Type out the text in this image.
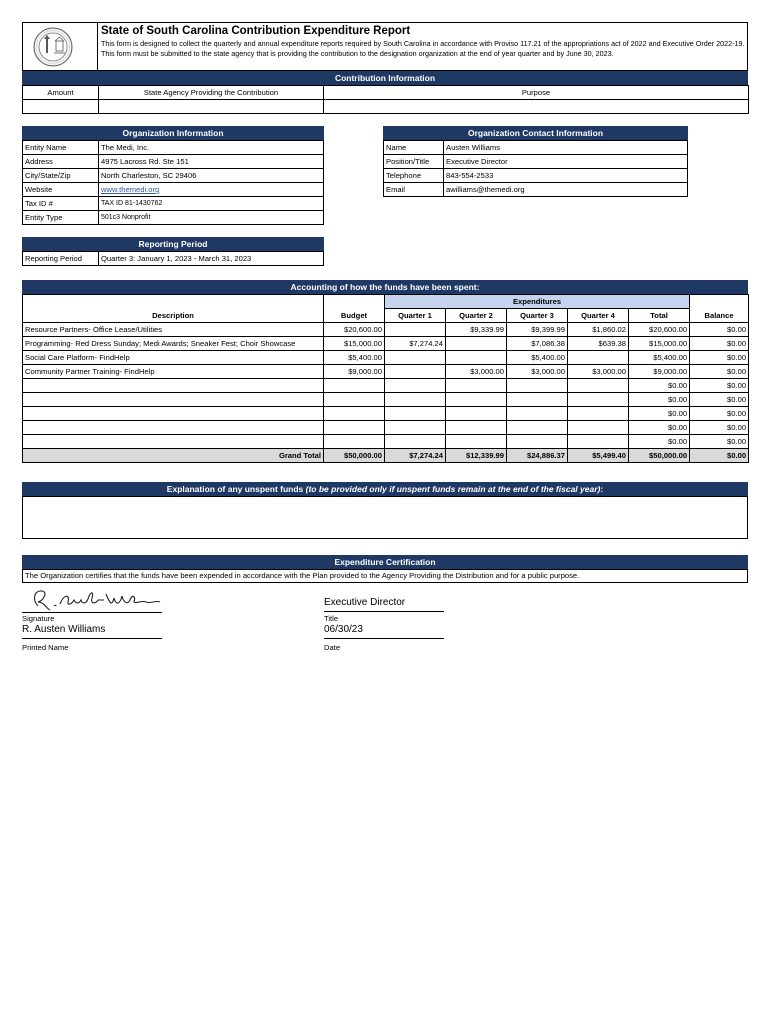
State of South Carolina Contribution Expenditure Report
This form is designed to collect the quarterly and annual expenditure reports required by South Carolina in accordance with Proviso 117.21 of the appropriations act of 2022 and Executive Order 2022-19. This form must be submitted to the state agency that is providing the contribution to the designation organization at the end of year quarter and by June 30, 2023.
Contribution Information
Amount	State Agency Providing the Contribution	Purpose

Organization Information
Entity Name	The Medi, Inc.
Address	4975 Lacross Rd. Ste 151
City/State/Zip	North Charleston, SC 29406
Website	www.themedi.org
Tax ID #	TAX ID 81-1430762
Entity Type	501c3 Nonprofit
Organization Contact Information
Name	Austen Williams
Position/Title	Executive Director
Telephone	843-554-2533
Email	awilliams@themedi.org
Reporting Period
Reporting Period	Quarter 3: January 1, 2023 - March 31, 2023
Accounting of how the funds have been spent:
		Expenditures					
Description	Budget	Quarter 1	Quarter 2	Quarter 3	Quarter 4	Total	Balance
Resource Partners- Office Lease/Utilities	$20,600.00		$9,339.99	$9,399.99	$1,860.02	$20,600.00	$0.00
Programming- Red Dress Sunday; Medi Awards; Sneaker Fest; Choir Showcase	$15,000.00	$7,274.24		$7,086.38	$639.38	$15,000.00	$0.00
Social Care Platform- FindHelp	$5,400.00			$5,400.00		$5,400.00	$0.00
Community Partner Training- FindHelp	$9,000.00		$3,000.00	$3,000.00	$3,000.00	$9,000.00	$0.00
						$0.00	$0.00
						$0.00	$0.00
						$0.00	$0.00
						$0.00	$0.00
						$0.00	$0.00
Grand Total	$50,000.00	$7,274.24	$12,339.99	$24,886.37	$5,499.40	$50,000.00	$0.00
Explanation of any unspent funds (to be provided only if unspent funds remain at the end of the fiscal year):
Expenditure Certification
The Organization certifies that the funds have been expended in accordance with the Plan provided to the Agency Providing the Distribution and for a public purpose.
Signature
R. Austen Williams
Printed Name
Executive Director
Title
06/30/23
Date
